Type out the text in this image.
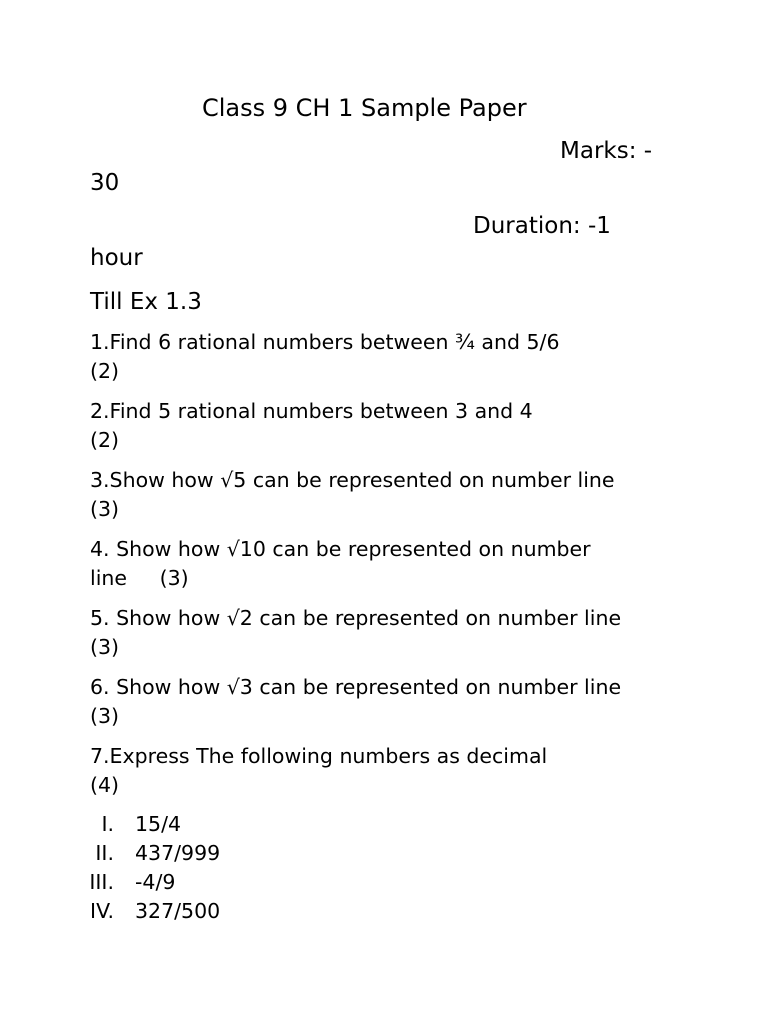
Class 9 CH 1 Sample Paper
Marks: -
30
Duration: -1
hour
Till Ex 1.3
1.Find 6 rational numbers between ¾ and 5/6
(2)
2.Find 5 rational numbers between 3 and 4
(2)
3.Show how √5 can be represented on number line
(3)
4. Show how √10 can be represented on number
line     (3)
5. Show how √2 can be represented on number line
(3)
6. Show how √3 can be represented on number line
(3)
7.Express The following numbers as decimal
(4)
I. 15/4
II. 437/999
III. -4/9
IV. 327/500
